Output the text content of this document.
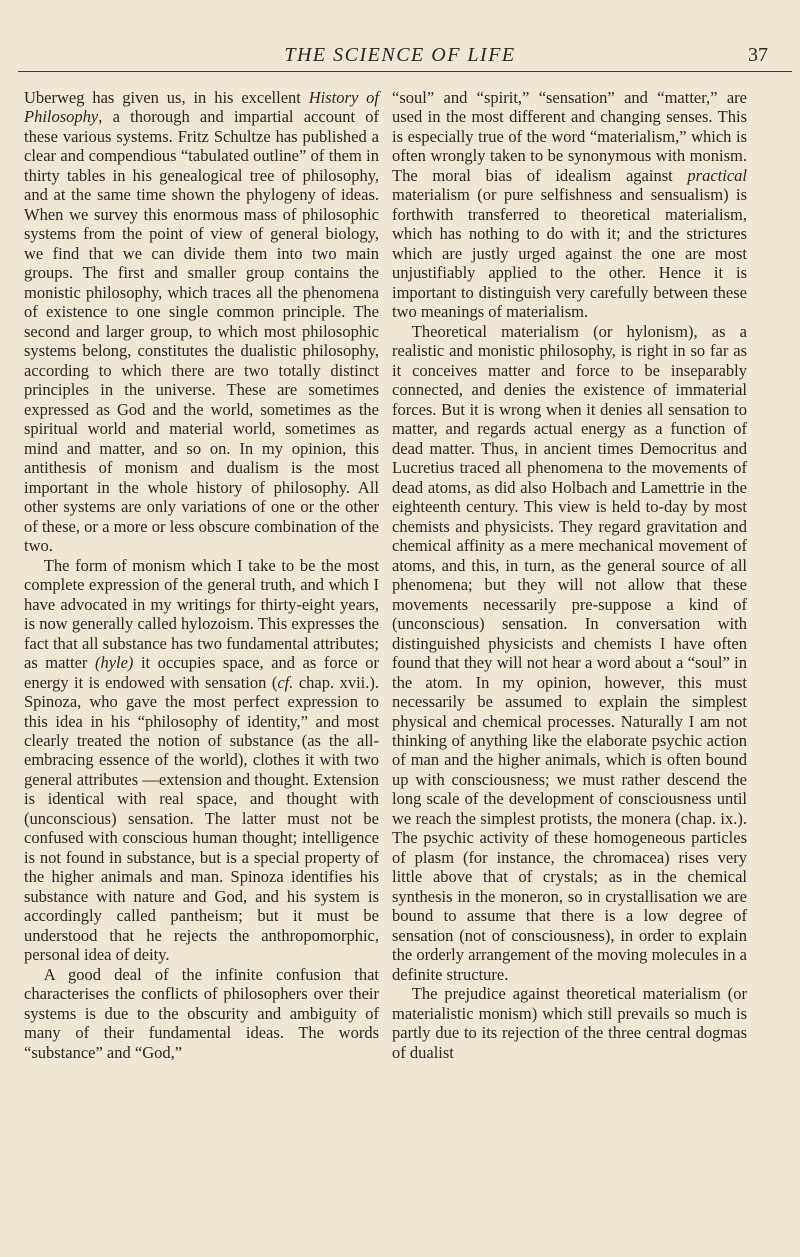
THE SCIENCE OF LIFE	37

Uberweg has given us, in his excellent History of Philosophy, a thorough and impartial account of these various systems. Fritz Schultze has published a clear and compendious “tabulated outline” of them in thirty tables in his genealogical tree of philosophy, and at the same time shown the phylogeny of ideas. When we survey this enormous mass of philosophic systems from the point of view of general biology, we find that we can divide them into two main groups. The first and smaller group contains the monistic philosophy, which traces all the phenomena of existence to one single common principle. The second and larger group, to which most philosophic systems belong, constitutes the dualistic philosophy, according to which there are two totally distinct principles in the universe. These are sometimes expressed as God and the world, sometimes as the spiritual world and material world, sometimes as mind and matter, and so on. In my opinion, this antithesis of monism and dualism is the most important in the whole history of philosophy. All other systems are only variations of one or the other of these, or a more or less obscure combination of the two.

The form of monism which I take to be the most complete expression of the general truth, and which I have advocated in my writings for thirty-eight years, is now generally called hylozoism. This expresses the fact that all substance has two fundamental attributes; as matter (hyle) it occupies space, and as force or energy it is endowed with sensation (cf. chap. xvii.). Spinoza, who gave the most perfect expression to this idea in his “philosophy of identity,” and most clearly treated the notion of substance (as the all-embracing essence of the world), clothes it with two general attributes —extension and thought. Extension is identical with real space, and thought with (unconscious) sensation. The latter must not be confused with conscious human thought; intelligence is not found in substance, but is a special property of the higher animals and man. Spinoza identifies his substance with nature and God, and his system is accordingly called pantheism; but it must be understood that he rejects the anthropomorphic, personal idea of deity.

A good deal of the infinite confusion that characterises the conflicts of philosophers over their systems is due to the obscurity and ambiguity of many of their fundamental ideas. The words “substance” and “God,”

“soul” and “spirit,” “sensation” and “matter,” are used in the most different and changing senses. This is especially true of the word “materialism,” which is often wrongly taken to be synonymous with monism. The moral bias of idealism against practical materialism (or pure selfishness and sensualism) is forthwith transferred to theoretical materialism, which has nothing to do with it; and the strictures which are justly urged against the one are most unjustifiably applied to the other. Hence it is important to distinguish very carefully between these two meanings of materialism.

Theoretical materialism (or hylonism), as a realistic and monistic philosophy, is right in so far as it conceives matter and force to be inseparably connected, and denies the existence of immaterial forces. But it is wrong when it denies all sensation to matter, and regards actual energy as a function of dead matter. Thus, in ancient times Democritus and Lucretius traced all phenomena to the movements of dead atoms, as did also Holbach and Lamettrie in the eighteenth century. This view is held to-day by most chemists and physicists. They regard gravitation and chemical affinity as a mere mechanical movement of atoms, and this, in turn, as the general source of all phenomena; but they will not allow that these movements necessarily pre-suppose a kind of (unconscious) sensation. In conversation with distinguished physicists and chemists I have often found that they will not hear a word about a “soul” in the atom. In my opinion, however, this must necessarily be assumed to explain the simplest physical and chemical processes. Naturally I am not thinking of anything like the elaborate psychic action of man and the higher animals, which is often bound up with consciousness; we must rather descend the long scale of the development of consciousness until we reach the simplest protists, the monera (chap. ix.). The psychic activity of these homogeneous particles of plasm (for instance, the chromacea) rises very little above that of crystals; as in the chemical synthesis in the moneron, so in crystallisation we are bound to assume that there is a low degree of sensation (not of consciousness), in order to explain the orderly arrangement of the moving molecules in a definite structure.

The prejudice against theoretical materialism (or materialistic monism) which still prevails so much is partly due to its rejection of the three central dogmas of dualist
